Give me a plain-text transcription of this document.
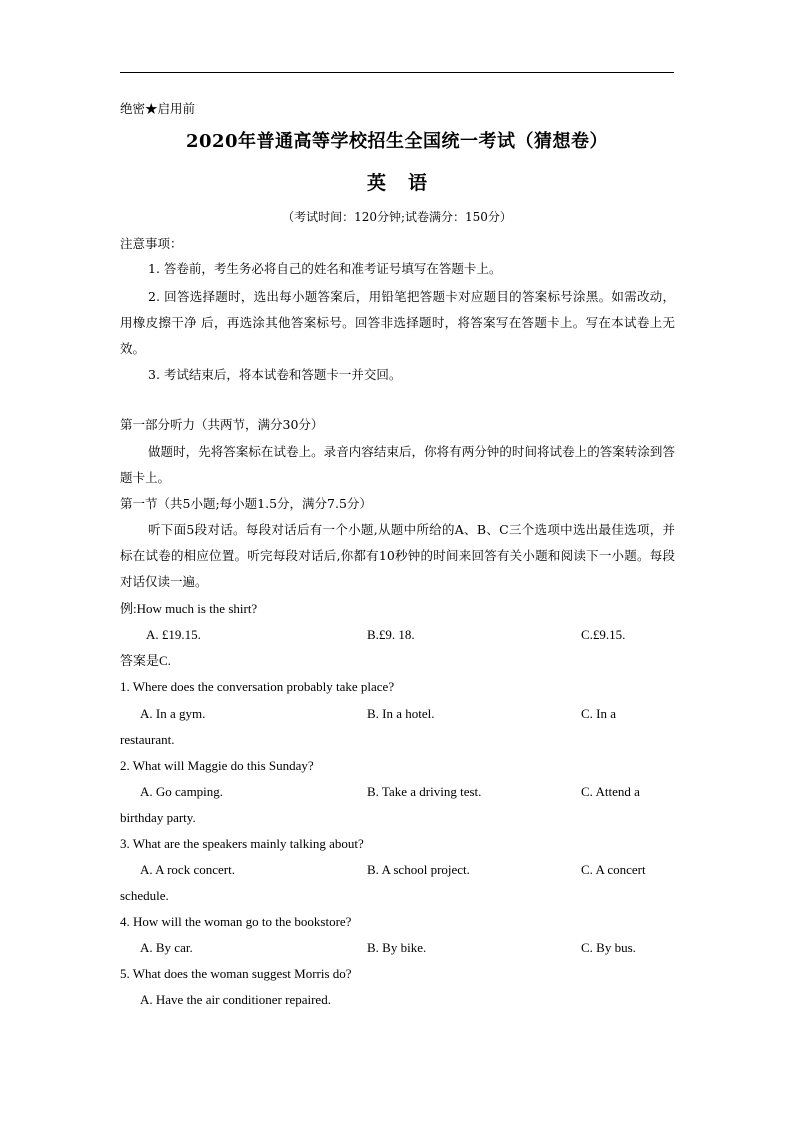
绝密★启用前
2020年普通高等学校招生全国统一考试（猜想卷）
英语
（考试时间：120分钟;试卷满分：150分）
注意事项：

1. 答卷前，考生务必将自己的姓名和准考证号填写在答题卡上。

2. 回答选择题时，选出每小题答案后，用铅笔把答题卡对应题目的答案标号涂黑。如需改动，用橡皮擦干净 后，再选涂其他答案标号。回答非选择题时，将答案写在答题卡上。写在本试卷上无效。

3. 考试结束后，将本试卷和答题卡一并交回。

第一部分听力（共两节，满分30分）

做题时，先将答案标在试卷上。录音内容结束后，你将有两分钟的时间将试卷上的答案转涂到答题卡上。

第一节（共5小题;每小题1.5分，满分7.5分）

听下面5段对话。每段对话后有一个小题,从题中所给的A、B、C三个选项中选出最佳选项，并标在试卷的相应位置。听完每段对话后,你都有10秒钟的时间来回答有关小题和阅读下一小题。每段对话仅读一遍。

例:How much is the shirt?
A. £19.15.	B.£9. 18.	C.£9.15.
答案是C.
1. Where does the conversation probably take place?
A. In a gym.	B. In a hotel.	C. In a
restaurant.
2. What will Maggie do this Sunday?
A. Go camping.	B. Take a driving test.	C. Attend a
birthday party.
3. What are the speakers mainly talking about?
A. A rock concert.	B. A school project.	C. A concert
schedule.
4. How will the woman go to the bookstore?
A. By car.	B. By bike.	C. By bus.
5. What does the woman suggest Morris do?
A. Have the air conditioner repaired.
